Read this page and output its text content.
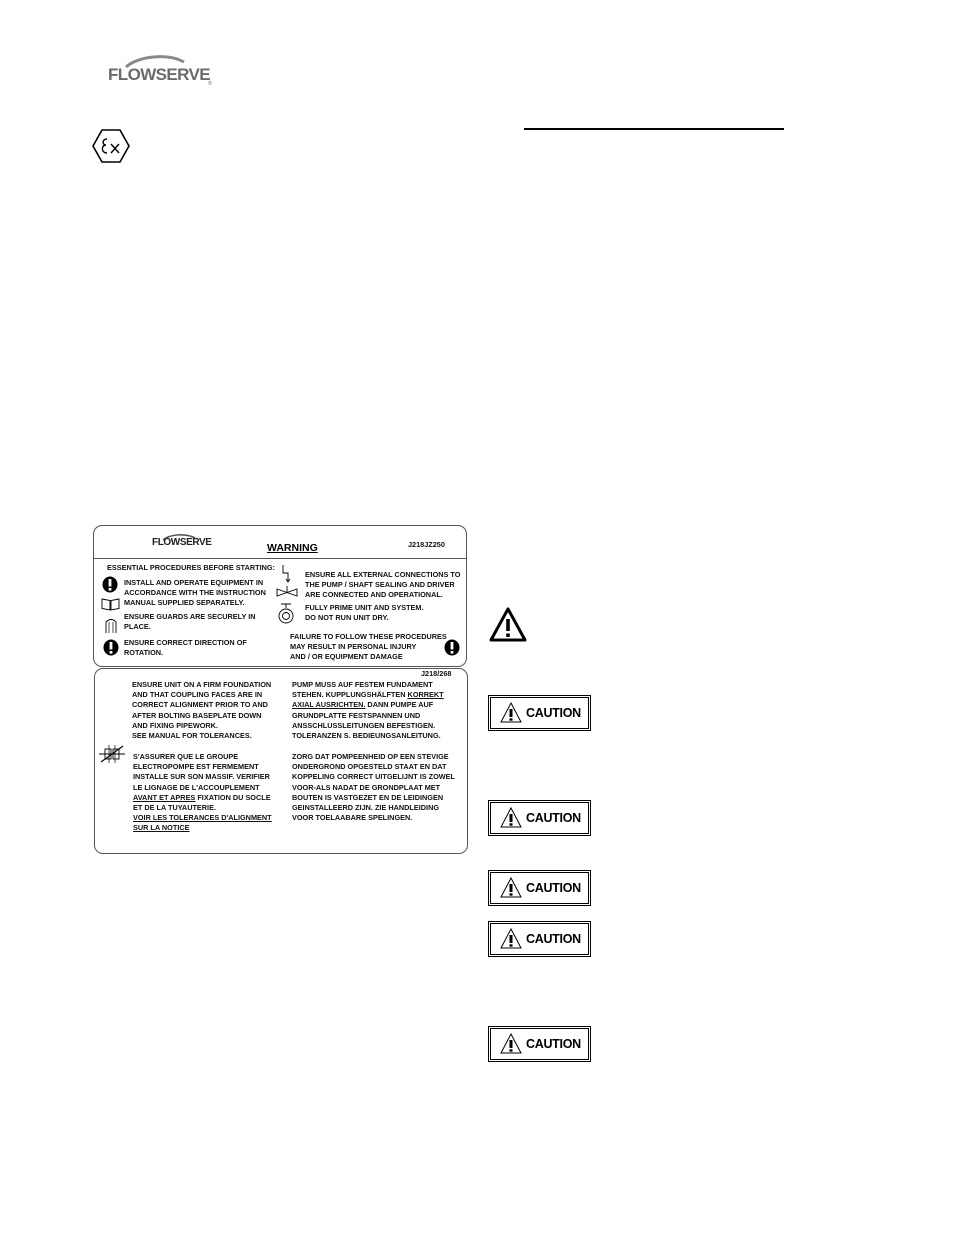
FLOWSERVE
®
FLOWSERVE	WARNING	J218JZ250
ESSENTIAL PROCEDURES BEFORE STARTING:
INSTALL AND OPERATE EQUIPMENT IN
ACCORDANCE WITH THE INSTRUCTION
MANUAL SUPPLIED SEPARATELY.
ENSURE GUARDS ARE SECURELY IN
PLACE.
ENSURE CORRECT DIRECTION OF
ROTATION.
ENSURE ALL EXTERNAL CONNECTIONS TO
THE PUMP / SHAFT SEALING AND DRIVER
ARE CONNECTED AND OPERATIONAL.
FULLY PRIME UNIT AND SYSTEM.
DO NOT RUN UNIT DRY.
FAILURE TO FOLLOW THESE PROCEDURES
MAY RESULT IN PERSONAL INJURY
AND / OR EQUIPMENT DAMAGE
J218/268
ENSURE UNIT ON A FIRM FOUNDATION
AND THAT COUPLING FACES ARE IN
CORRECT ALIGNMENT PRIOR TO AND
AFTER BOLTING BASEPLATE DOWN
AND FIXING PIPEWORK.
SEE MANUAL FOR TOLERANCES.
PUMP MUSS AUF FESTEM FUNDAMENT
STEHEN. KUPPLUNGSHÄLFTEN KORREKT
AXIAL AUSRICHTEN. DANN PUMPE AUF
GRUNDPLATTE FESTSPANNEN UND
ANSSCHLUSSLEITUNGEN BEFESTIGEN.
TOLERANZEN S. BEDIEUNGSANLEITUNG.
S'ASSURER QUE LE GROUPE
ELECTROPOMPE EST FERMEMENT
INSTALLE SUR SON MASSIF. VERIFIER
LE LIGNAGE DE L'ACCOUPLEMENT
AVANT ET APRES FIXATION DU SOCLE
ET DE LA TUYAUTERIE.
VOIR LES TOLERANCES D'ALIGNMENT
SUR LA NOTICE
ZORG DAT POMPEENHEID OP EEN STEVIGE
ONDERGROND OPGESTELD STAAT EN DAT
KOPPELING CORRECT UITGELIJNT IS ZOWEL
VOOR-ALS NADAT DE GRONDPLAAT MET
BOUTEN IS VASTGEZET EN DE LEIDINGEN
GEINSTALLEERD ZIJN. ZIE HANDLEIDING
VOOR TOELAABARE SPELINGEN.
CAUTION
CAUTION
CAUTION
CAUTION
CAUTION
